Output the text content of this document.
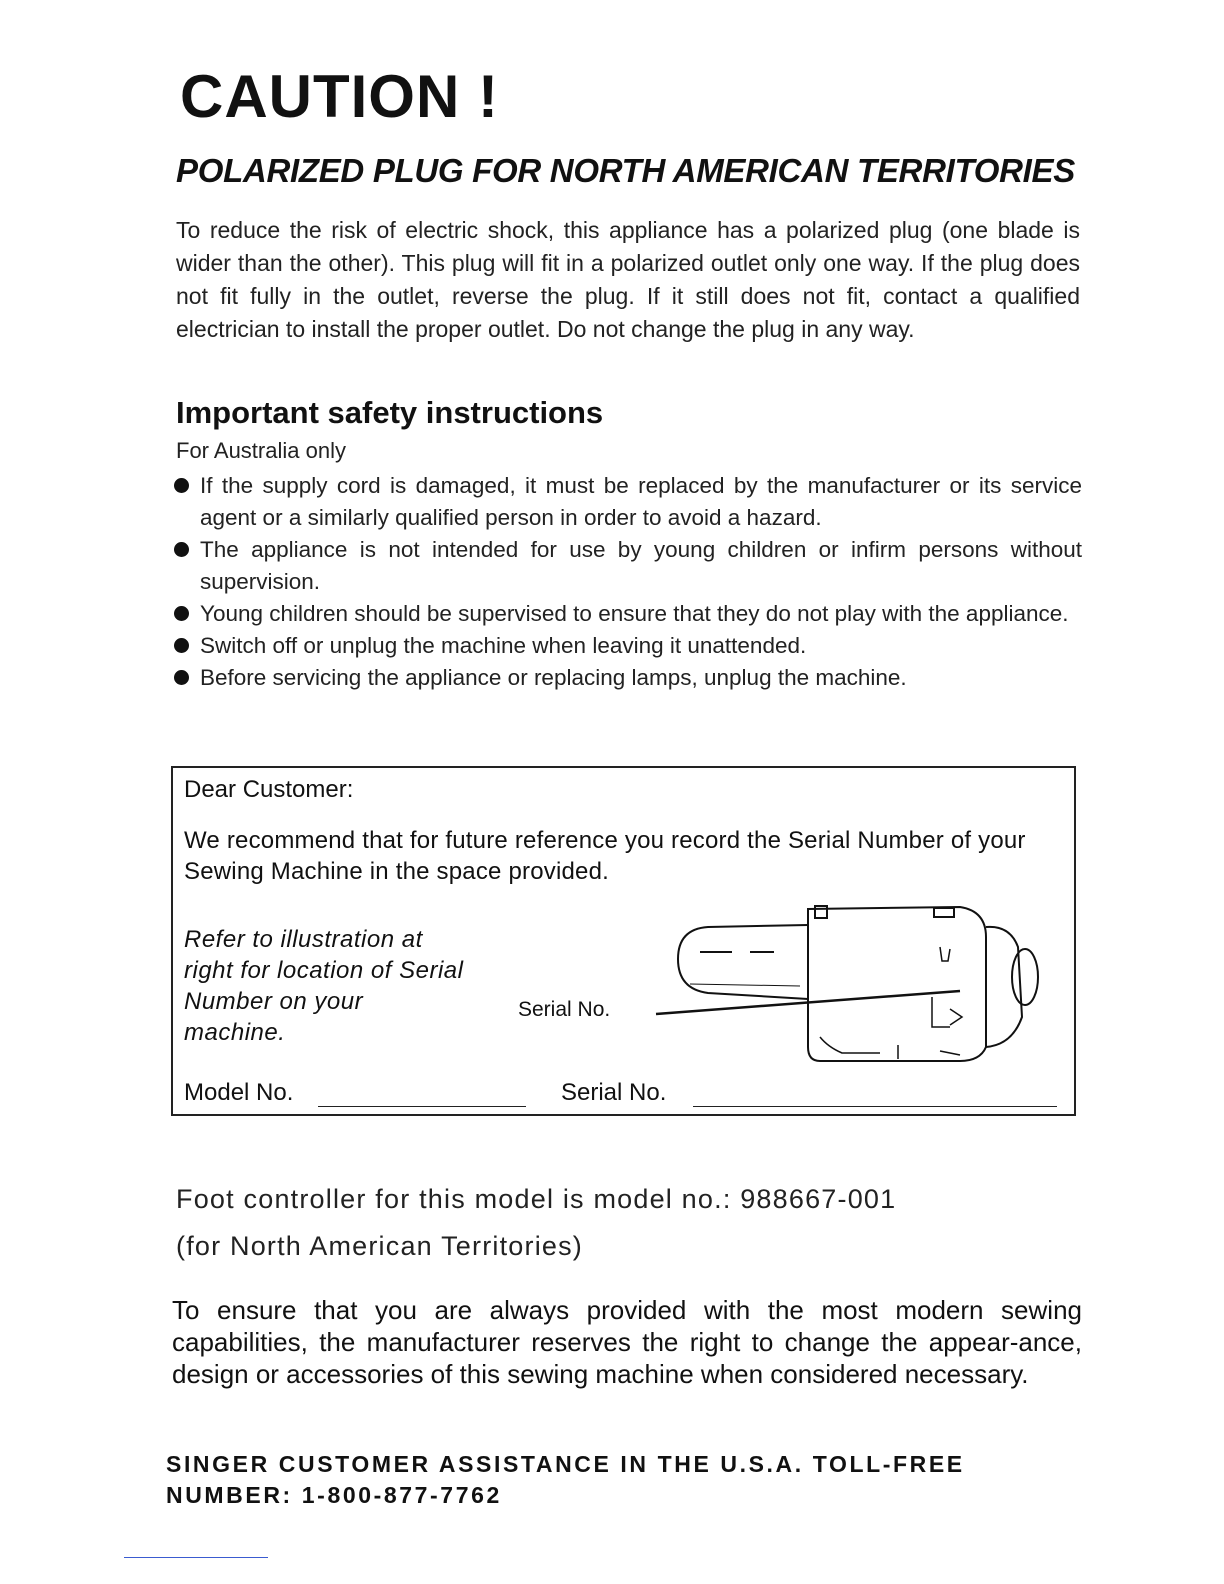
CAUTION !
POLARIZED PLUG FOR NORTH AMERICAN TERRITORIES

To reduce the risk of electric shock, this appliance has a polarized plug (one blade is wider than the other). This plug will fit in a polarized outlet only one way. If the plug does not fit fully in the outlet, reverse the plug. If it still does not fit, contact a qualified electrician to install the proper outlet. Do not change the plug in any way.

Important safety instructions

For Australia only

If the supply cord is damaged, it must be replaced by the manufacturer or its service agent or a similarly qualified person in order to avoid a hazard.
The appliance is not intended for use by young children or infirm persons without supervision.
Young children should be supervised to ensure that they do not play with the appliance.
Switch off or unplug the machine when leaving it unattended.
Before servicing the appliance or replacing lamps, unplug the machine.

Dear Customer:

We recommend that for future reference you record the Serial Number of your Sewing Machine in the space provided.

Refer to illustration at right for location of Serial Number on your machine.

Serial No.

Model No.	Serial No.

Foot controller for this model is model no.: 988667-001

(for North American Territories)

To ensure that you are always provided with the most modern sewing capabilities, the manufacturer reserves the right to change the appear-ance, design or accessories of this sewing machine when considered necessary.

SINGER CUSTOMER ASSISTANCE IN THE U.S.A. TOLL-FREE NUMBER: 1-800-877-7762
